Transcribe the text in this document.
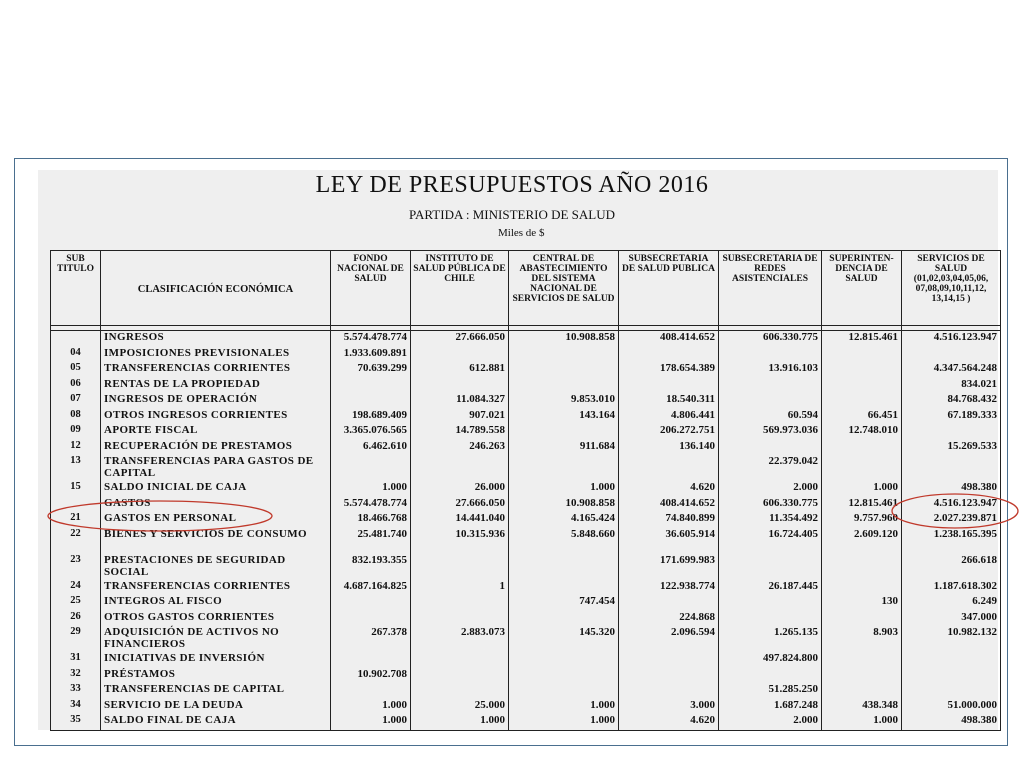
LEY DE PRESUPUESTOS AÑO 2016
PARTIDA : MINISTERIO DE SALUD
Miles de $
SUB TITULO	CLASIFICACIÓN ECONÓMICA	FONDO NACIONAL DE SALUD	INSTITUTO DE SALUD PÚBLICA DE CHILE	CENTRAL DE ABASTECIMIENTO DEL SISTEMA NACIONAL DE SERVICIOS DE SALUD	SUBSECRETARIA DE SALUD PUBLICA	SUBSECRETARIA DE REDES ASISTENCIALES	SUPERINTEN-DENCIA DE SALUD	SERVICIOS DE SALUD (01,02,03,04,05,06, 07,08,09,10,11,12, 13,14,15 )

	INGRESOS	5.574.478.774	27.666.050	10.908.858	408.414.652	606.330.775	12.815.461	4.516.123.947
04	IMPOSICIONES PREVISIONALES	1.933.609.891						
05	TRANSFERENCIAS CORRIENTES	70.639.299	612.881		178.654.389	13.916.103		4.347.564.248
06	RENTAS DE LA PROPIEDAD							834.021
07	INGRESOS DE OPERACIÓN		11.084.327	9.853.010	18.540.311			84.768.432
08	OTROS INGRESOS CORRIENTES	198.689.409	907.021	143.164	4.806.441	60.594	66.451	67.189.333
09	APORTE FISCAL	3.365.076.565	14.789.558		206.272.751	569.973.036	12.748.010	
12	RECUPERACIÓN DE PRESTAMOS	6.462.610	246.263	911.684	136.140			15.269.533
13	TRANSFERENCIAS PARA GASTOS DE CAPITAL					22.379.042		
15	SALDO INICIAL DE CAJA	1.000	26.000	1.000	4.620	2.000	1.000	498.380
	GASTOS	5.574.478.774	27.666.050	10.908.858	408.414.652	606.330.775	12.815.461	4.516.123.947
21	GASTOS EN PERSONAL	18.466.768	14.441.040	4.165.424	74.840.899	11.354.492	9.757.960	2.027.239.871
22	BIENES Y SERVICIOS DE CONSUMO	25.481.740	10.315.936	5.848.660	36.605.914	16.724.405	2.609.120	1.238.165.395
23	PRESTACIONES DE SEGURIDAD SOCIAL	832.193.355			171.699.983			266.618
24	TRANSFERENCIAS CORRIENTES	4.687.164.825	1		122.938.774	26.187.445		1.187.618.302
25	INTEGROS AL FISCO			747.454			130	6.249
26	OTROS GASTOS CORRIENTES				224.868			347.000
29	ADQUISICIÓN DE ACTIVOS NO FINANCIEROS	267.378	2.883.073	145.320	2.096.594	1.265.135	8.903	10.982.132
31	INICIATIVAS DE INVERSIÓN					497.824.800		
32	PRÉSTAMOS	10.902.708						
33	TRANSFERENCIAS DE CAPITAL					51.285.250		
34	SERVICIO DE LA DEUDA	1.000	25.000	1.000	3.000	1.687.248	438.348	51.000.000
35	SALDO FINAL DE CAJA	1.000	1.000	1.000	4.620	2.000	1.000	498.380
